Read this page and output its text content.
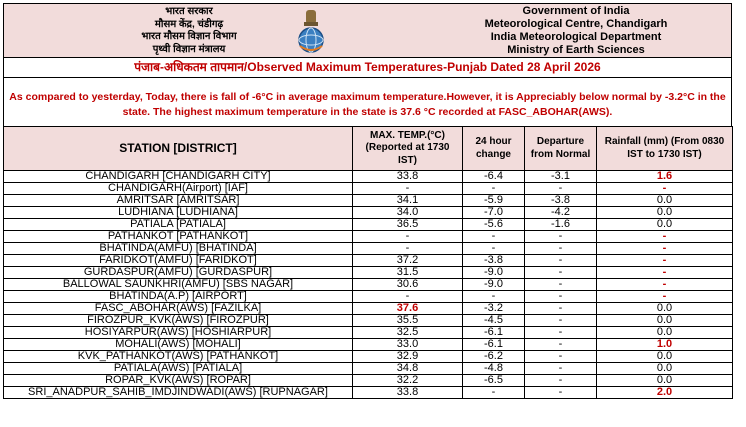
भारत सरकार
मौसम केंद्र, चंडीगढ़
भारत मौसम विज्ञान विभाग
पृथ्वी विज्ञान मंत्रालय
Government of India
Meteorological Centre, Chandigarh
India Meteorological Department
Ministry of Earth Sciences
पंजाब-अधिकतम तापमान/Observed Maximum Temperatures-Punjab Dated 28 April 2026
As compared to yesterday, Today, there is fall of -6°C in average maximum temperature.However, it is Appreciably below normal by -3.2°C in the state. The highest maximum temperature in the state is 37.6 °C recorded at FASC_ABOHAR(AWS).
STATION [DISTRICT]	MAX. TEMP.(°C) (Reported at 1730 IST)	24 hour change	Departure from Normal	Rainfall (mm) (From 0830 IST to 1730 IST)

CHANDIGARH [CHANDIGARH CITY]	33.8	-6.4	-3.1	1.6

CHANDIGARH(Airport) [IAF]	-	-	-	-

AMRITSAR [AMRITSAR]	34.1	-5.9	-3.8	0.0

LUDHIANA [LUDHIANA]	34.0	-7.0	-4.2	0.0

PATIALA [PATIALA]	36.5	-5.6	-1.6	0.0

PATHANKOT [PATHANKOT]	-	-	-	-

BHATINDA(AMFU) [BHATINDA]	-	-	-	-

FARIDKOT(AMFU) [FARIDKOT]	37.2	-3.8	-	-

GURDASPUR(AMFU) [GURDASPUR]	31.5	-9.0	-	-

BALLOWAL SAUNKHRI(AMFU) [SBS NAGAR]	30.6	-9.0	-	-

BHATINDA(A.P) [AIRPORT]	-	-	-	-

FASC_ABOHAR(AWS) [FAZILKA]	37.6	-3.2	-	0.0

FIROZPUR_KVK(AWS) [FIROZPUR]	35.5	-4.5	-	0.0

HOSIYARPUR(AWS) [HOSHIARPUR]	32.5	-6.1	-	0.0

MOHALI(AWS) [MOHALI]	33.0	-6.1	-	1.0

KVK_PATHANKOT(AWS) [PATHANKOT]	32.9	-6.2	-	0.0

PATIALA(AWS) [PATIALA]	34.8	-4.8	-	0.0

ROPAR_KVK(AWS) [ROPAR]	32.2	-6.5	-	0.0

SRI_ANADPUR_SAHIB_IMDJINDWADI(AWS) [RUPNAGAR]	33.8	-	-	2.0
